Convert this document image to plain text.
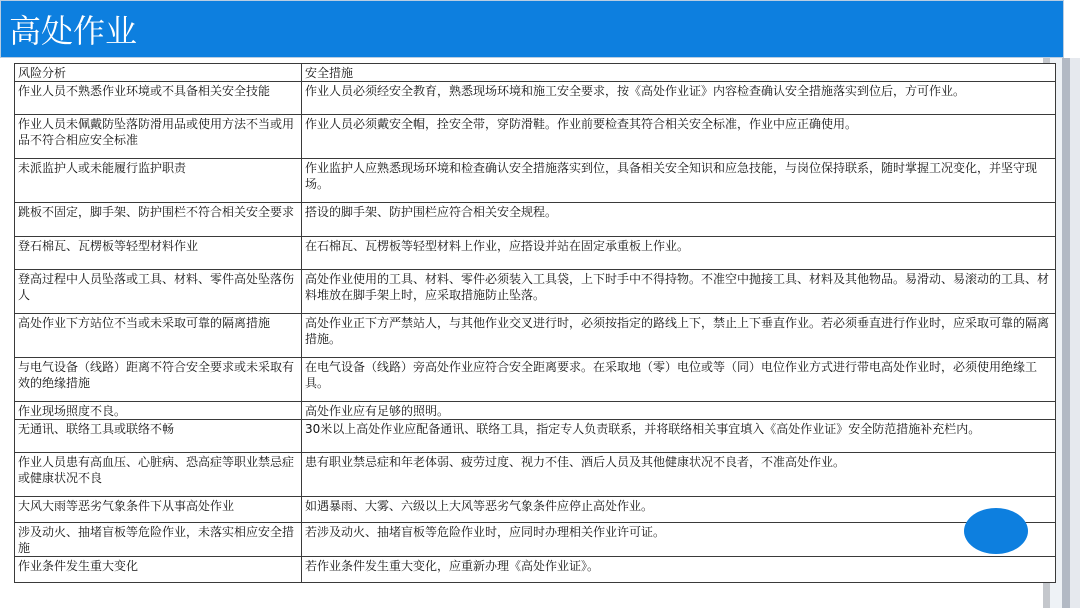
高处作业
风险分析	安全措施
作业人员不熟悉作业环境或不具备相关安全技能	作业人员必须经安全教育，熟悉现场环境和施工安全要求，按《高处作业证》内容检查确认安全措施落实到位后，方可作业。
作业人员未佩戴防坠落防滑用品或使用方法不当或用品不符合相应安全标准	作业人员必须戴安全帽，拴安全带，穿防滑鞋。作业前要检查其符合相关安全标准，作业中应正确使用。
未派监护人或未能履行监护职责	作业监护人应熟悉现场环境和检查确认安全措施落实到位，具备相关安全知识和应急技能，与岗位保持联系，随时掌握工况变化，并坚守现场。
跳板不固定，脚手架、防护围栏不符合相关安全要求	搭设的脚手架、防护围栏应符合相关安全规程。
登石棉瓦、瓦楞板等轻型材料作业	在石棉瓦、瓦楞板等轻型材料上作业，应搭设并站在固定承重板上作业。
登高过程中人员坠落或工具、材料、零件高处坠落伤人	高处作业使用的工具、材料、零件必须装入工具袋，上下时手中不得持物。不准空中抛接工具、材料及其他物品。易滑动、易滚动的工具、材料堆放在脚手架上时，应采取措施防止坠落。
高处作业下方站位不当或未采取可靠的隔离措施	高处作业正下方严禁站人，与其他作业交叉进行时，必须按指定的路线上下，禁止上下垂直作业。若必须垂直进行作业时，应采取可靠的隔离措施。
与电气设备（线路）距离不符合安全要求或未采取有效的绝缘措施	在电气设备（线路）旁高处作业应符合安全距离要求。在采取地（零）电位或等（同）电位作业方式进行带电高处作业时，必须使用绝缘工具。
作业现场照度不良。	高处作业应有足够的照明。
无通讯、联络工具或联络不畅	30米以上高处作业应配备通讯、联络工具，指定专人负责联系，并将联络相关事宜填入《高处作业证》安全防范措施补充栏内。
作业人员患有高血压、心脏病、恐高症等职业禁忌症或健康状况不良	患有职业禁忌症和年老体弱、疲劳过度、视力不佳、酒后人员及其他健康状况不良者，不准高处作业。
大风大雨等恶劣气象条件下从事高处作业	如遇暴雨、大雾、六级以上大风等恶劣气象条件应停止高处作业。
涉及动火、抽堵盲板等危险作业，未落实相应安全措施	若涉及动火、抽堵盲板等危险作业时，应同时办理相关作业许可证。
作业条件发生重大变化	若作业条件发生重大变化，应重新办理《高处作业证》。
